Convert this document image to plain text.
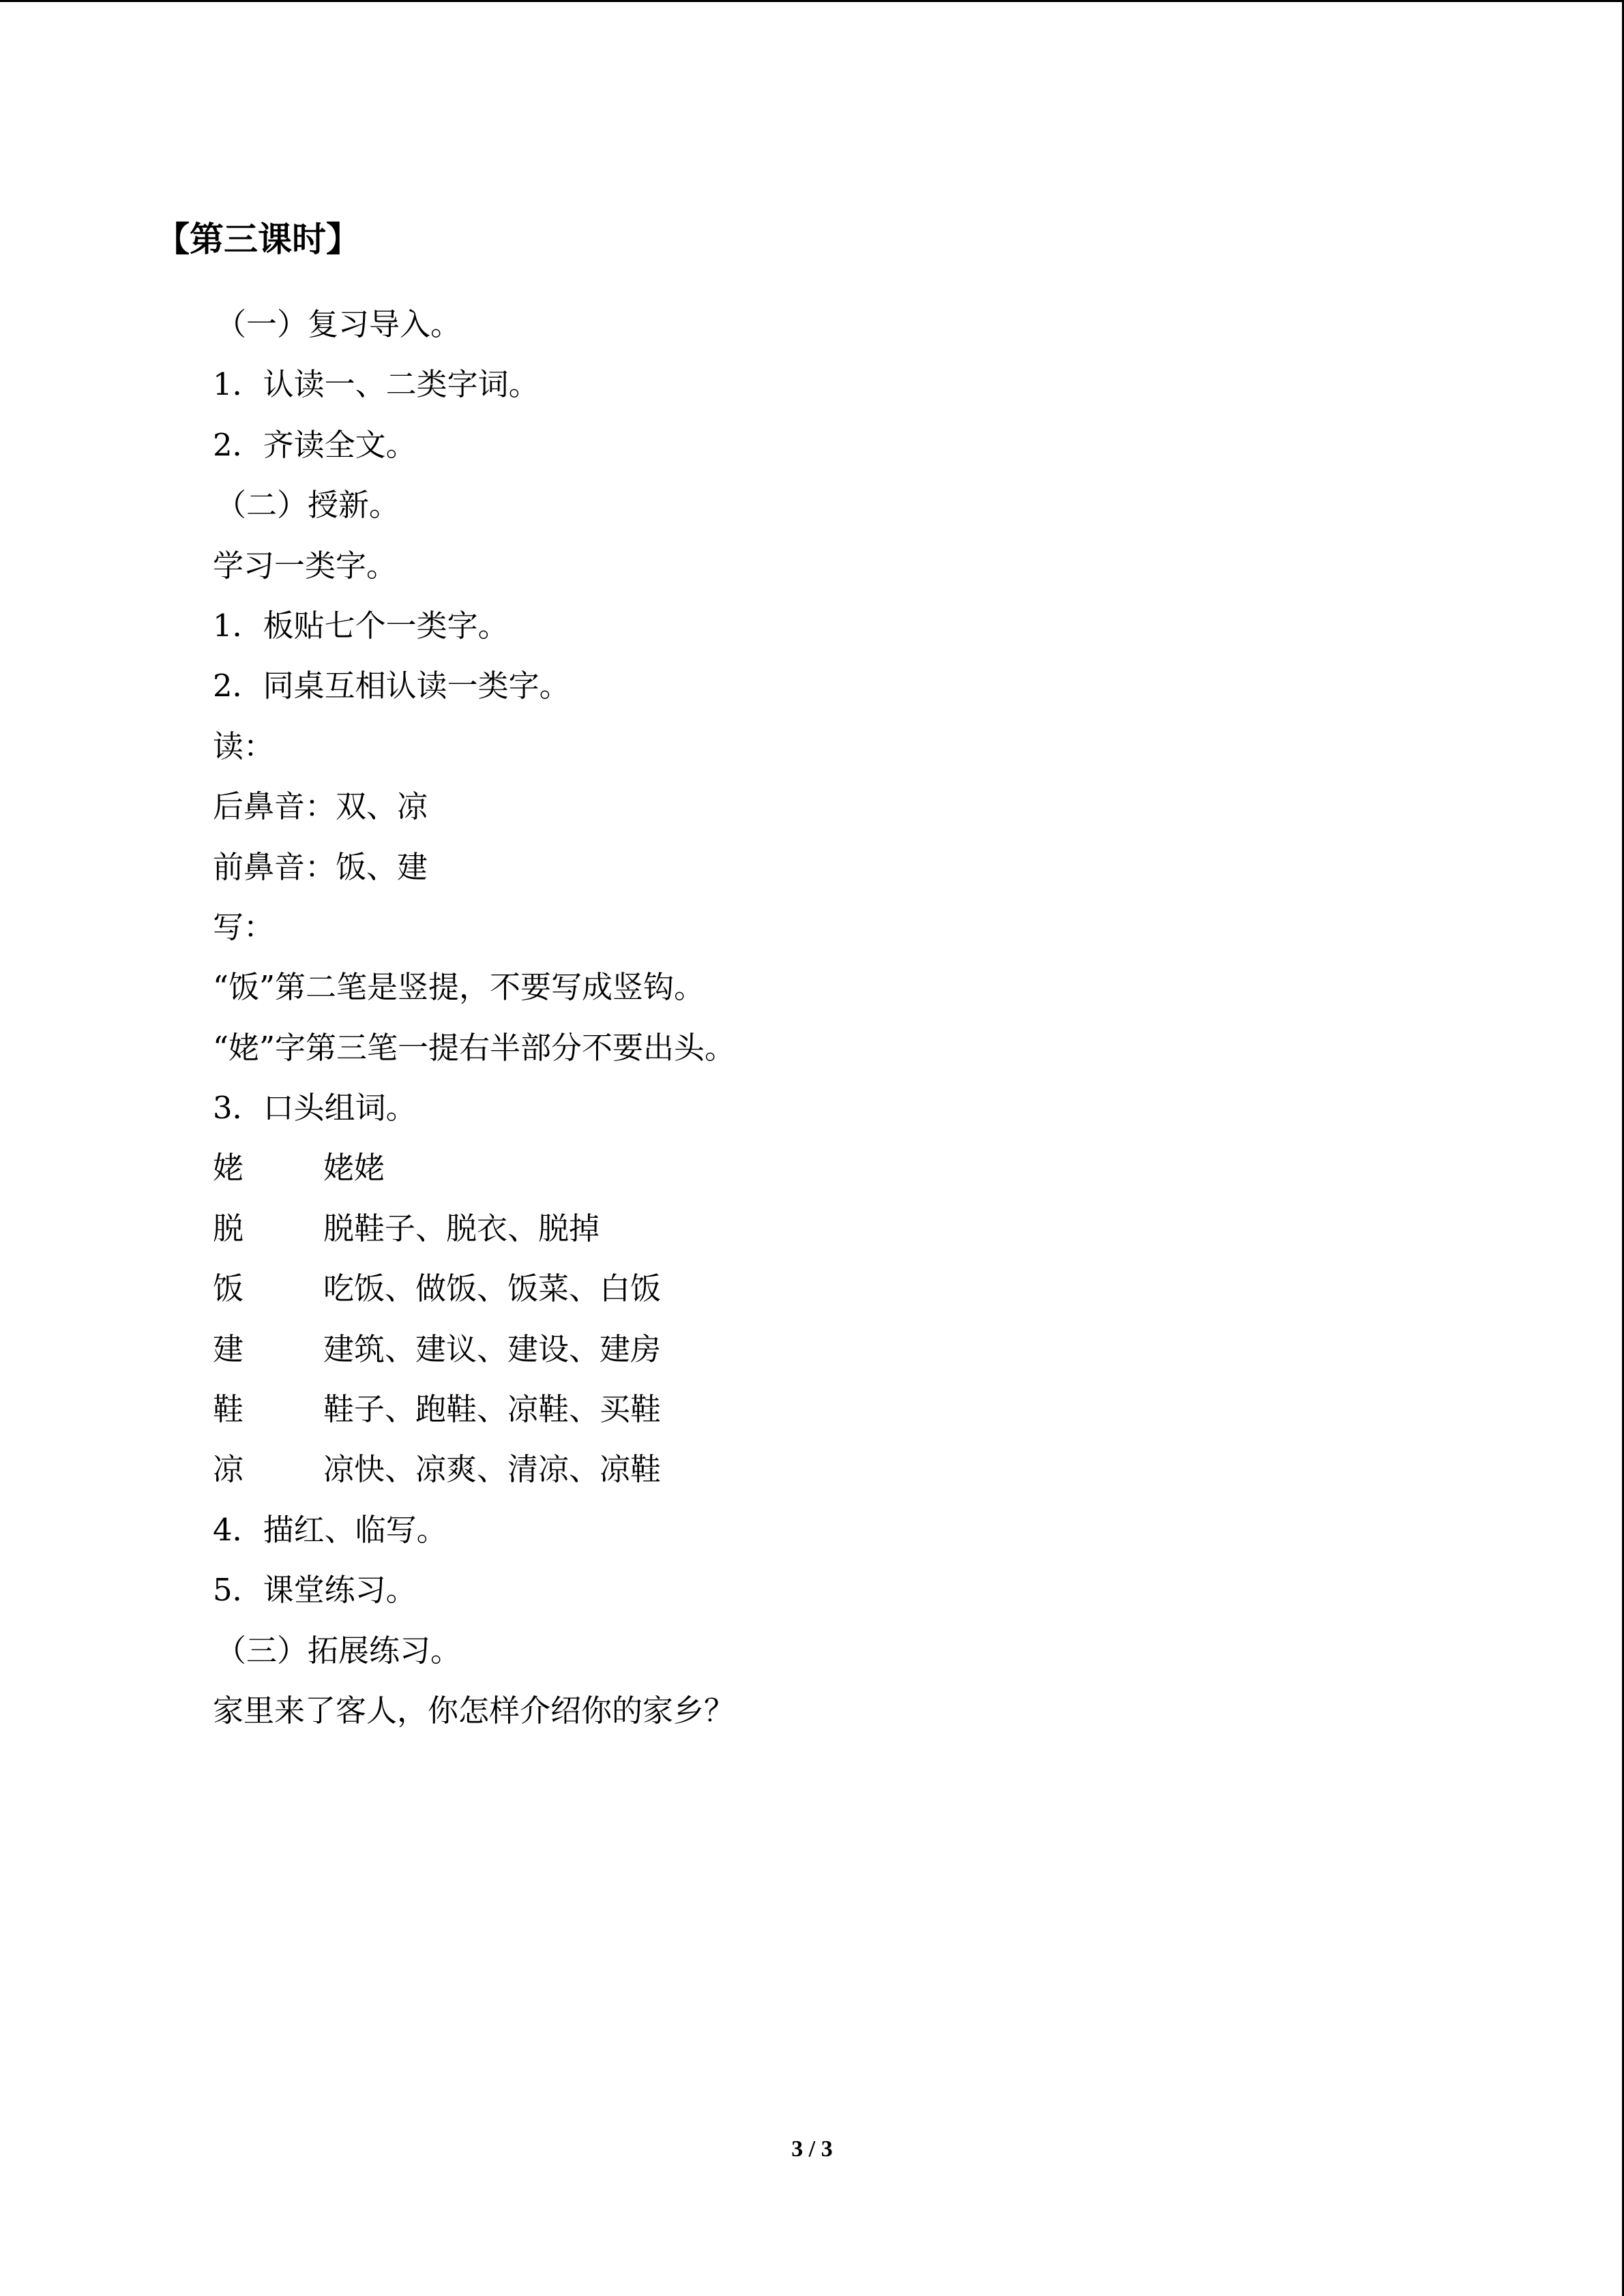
【第三课时】
（一）复习导入。
1．认读一、二类字词。
2．齐读全文。
（二）授新。
学习一类字。
1．板贴七个一类字。
2．同桌互相认读一类字。
读：
后鼻音：双、凉
前鼻音：饭、建
写：
“饭”第二笔是竖提，不要写成竖钩。
“姥”字第三笔一提右半部分不要出头。
3．口头组词。
姥	姥姥
脱	脱鞋子、脱衣、脱掉
饭	吃饭、做饭、饭菜、白饭
建	建筑、建议、建设、建房
鞋	鞋子、跑鞋、凉鞋、买鞋
凉	凉快、凉爽、清凉、凉鞋
4．描红、临写。
5．课堂练习。
（三）拓展练习。
家里来了客人，你怎样介绍你的家乡？
3 / 3
